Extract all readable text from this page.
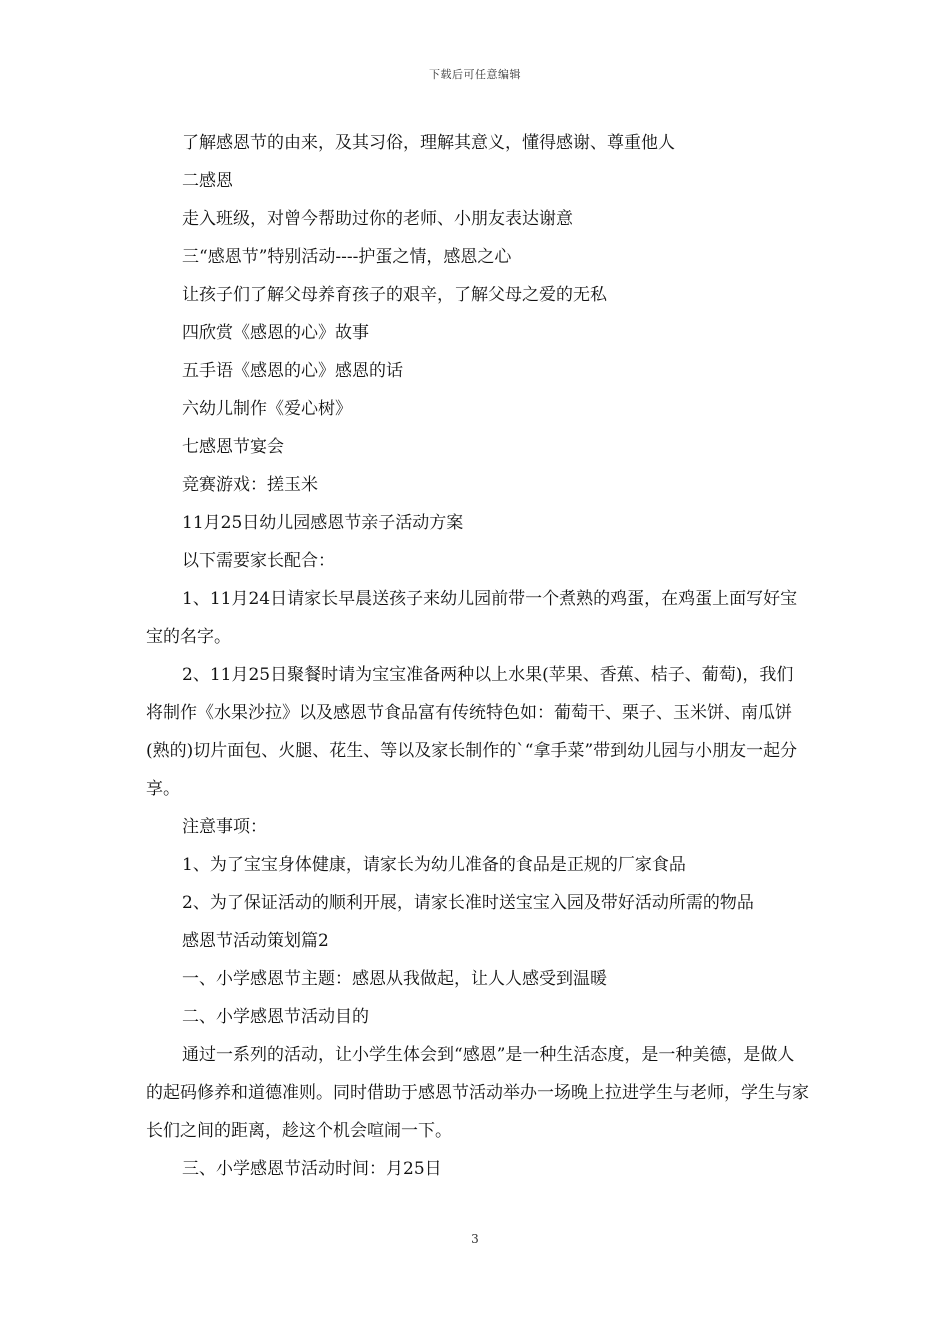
下载后可任意编辑

了解感恩节的由来，及其习俗，理解其意义，懂得感谢、尊重他人

二感恩

走入班级，对曾今帮助过你的老师、小朋友表达谢意

三“感恩节”特别活动----护蛋之情，感恩之心

让孩子们了解父母养育孩子的艰辛，了解父母之爱的无私

四欣赏《感恩的心》故事

五手语《感恩的心》感恩的话

六幼儿制作《爱心树》

七感恩节宴会

竞赛游戏：搓玉米

11月25日幼儿园感恩节亲子活动方案

以下需要家长配合：

1、11月24日请家长早晨送孩子来幼儿园前带一个煮熟的鸡蛋，在鸡蛋上面写好宝宝的名字。

2、11月25日聚餐时请为宝宝准备两种以上水果(苹果、香蕉、桔子、葡萄)，我们将制作《水果沙拉》以及感恩节食品富有传统特色如：葡萄干、栗子、玉米饼、南瓜饼(熟的)切片面包、火腿、花生、等以及家长制作的`“拿手菜”带到幼儿园与小朋友一起分享。

注意事项：

1、为了宝宝身体健康，请家长为幼儿准备的食品是正规的厂家食品

2、为了保证活动的顺利开展，请家长准时送宝宝入园及带好活动所需的物品

感恩节活动策划篇2

一、小学感恩节主题：感恩从我做起，让人人感受到温暖

二、小学感恩节活动目的

通过一系列的活动，让小学生体会到“感恩”是一种生活态度，是一种美德，是做人的起码修养和道德准则。同时借助于感恩节活动举办一场晚上拉进学生与老师，学生与家长们之间的距离，趁这个机会喧闹一下。

三、小学感恩节活动时间：月25日

3
